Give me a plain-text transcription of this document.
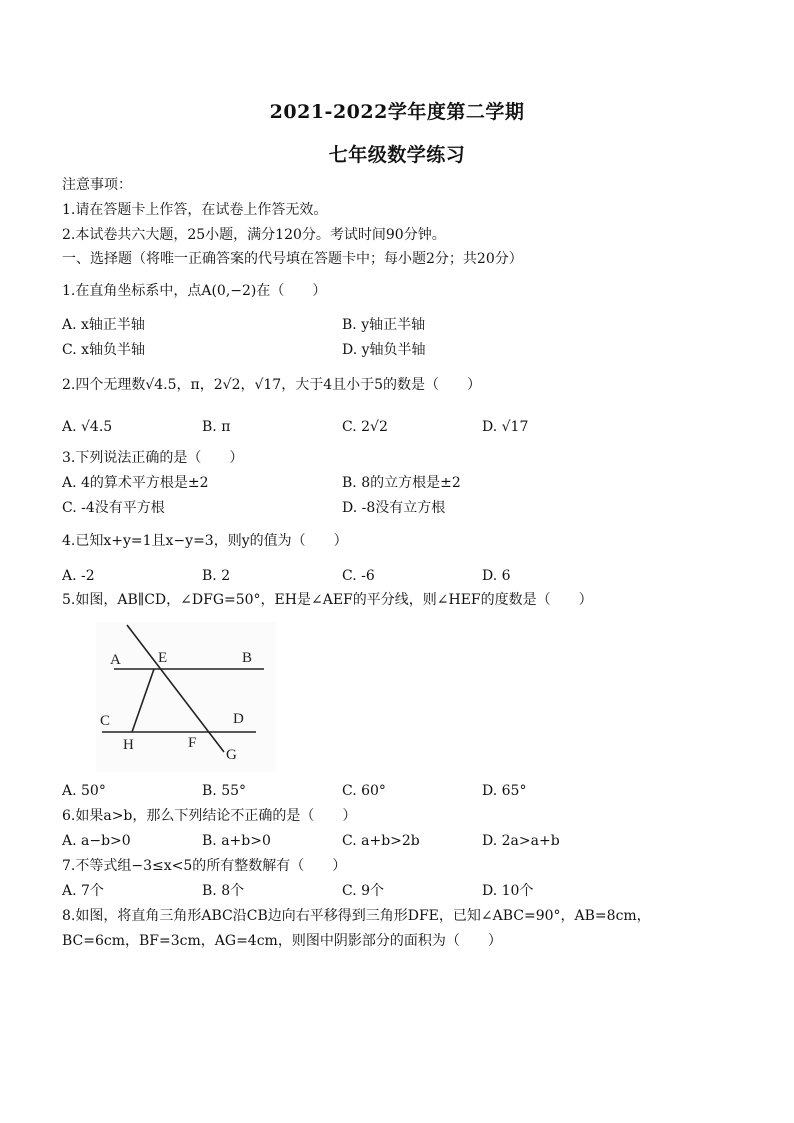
2021-2022学年度第二学期
七年级数学练习
注意事项：
1.请在答题卡上作答，在试卷上作答无效。
2.本试卷共六大题，25小题，满分120分。考试时间90分钟。
一、选择题（将唯一正确答案的代号填在答题卡中；每小题2分；共20分）
1.在直角坐标系中，点A(0,−2)在（　　）
A. x轴正半轴	B. y轴正半轴
C. x轴负半轴	D. y轴负半轴
2.四个无理数√4.5，π，2√2，√17，大于4且小于5的数是（　　）
A. √4.5	B. π	C. 2√2	D. √17
3.下列说法正确的是（　　）
A. 4的算术平方根是±2	B. 8的立方根是±2
C. -4没有平方根	D. -8没有立方根
4.已知x+y=1且x−y=3，则y的值为（　　）
A. -2	B. 2	C. -6	D. 6
5.如图，AB∥CD，∠DFG=50°，EH是∠AEF的平分线，则∠HEF的度数是（　　）
A E	B
C	D
H	F
G
A. 50°	B. 55°	C. 60°	D. 65°
6.如果a>b，那么下列结论不正确的是（　　）
A. a−b>0	B. a+b>0	C. a+b>2b	D. 2a>a+b
7.不等式组−3≤x<5的所有整数解有（　　）
A. 7个	B. 8个	C. 9个	D. 10个
8.如图，将直角三角形ABC沿CB边向右平移得到三角形DFE，已知∠ABC=90°，AB=8cm，
BC=6cm，BF=3cm，AG=4cm，则图中阴影部分的面积为（　　）
